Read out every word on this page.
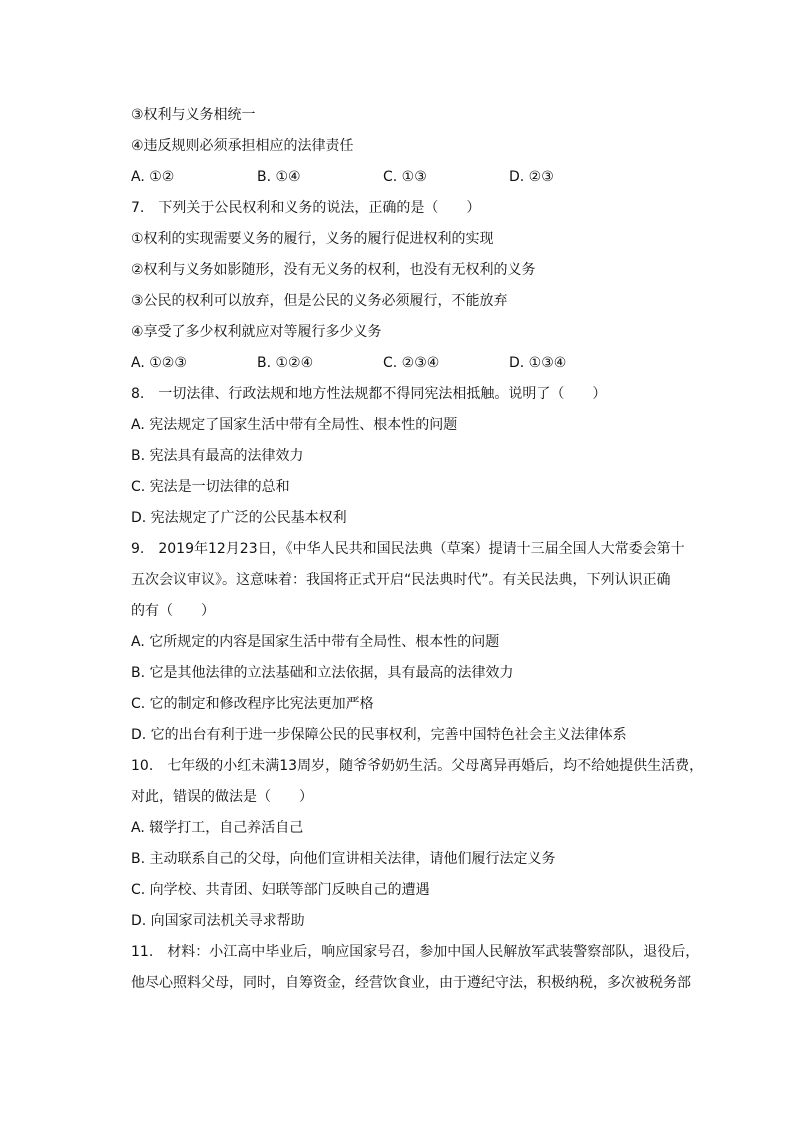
③权利与义务相统一
④违反规则必须承担相应的法律责任
A. ①②	B. ①④	C. ①③	D. ②③
7.　下列关于公民权利和义务的说法，正确的是（　　）
①权利的实现需要义务的履行，义务的履行促进权利的实现
②权利与义务如影随形，没有无义务的权利，也没有无权利的义务
③公民的权利可以放弃，但是公民的义务必须履行，不能放弃
④享受了多少权利就应对等履行多少义务
A. ①②③	B. ①②④	C. ②③④	D. ①③④
8.　一切法律、行政法规和地方性法规都不得同宪法相抵触。说明了（　　）
A. 宪法规定了国家生活中带有全局性、根本性的问题
B. 宪法具有最高的法律效力
C. 宪法是一切法律的总和
D. 宪法规定了广泛的公民基本权利
9.　2019年12月23日，《中华人民共和国民法典（草案）提请十三届全国人大常委会第十
五次会议审议》。这意味着：我国将正式开启“民法典时代”。有关民法典，下列认识正确
的有（　　）
A. 它所规定的内容是国家生活中带有全局性、根本性的问题
B. 它是其他法律的立法基础和立法依据，具有最高的法律效力
C. 它的制定和修改程序比宪法更加严格
D. 它的出台有利于进一步保障公民的民事权利，完善中国特色社会主义法律体系
10.　七年级的小红未满13周岁，随爷爷奶奶生活。父母离异再婚后，均不给她提供生活费，
对此，错误的做法是（　　）
A. 辍学打工，自己养活自己
B. 主动联系自己的父母，向他们宣讲相关法律，请他们履行法定义务
C. 向学校、共青团、妇联等部门反映自己的遭遇
D. 向国家司法机关寻求帮助
11.　材料：小江高中毕业后，响应国家号召，参加中国人民解放军武装警察部队，退役后，
他尽心照料父母，同时，自筹资金，经营饮食业，由于遵纪守法，积极纳税，多次被税务部
